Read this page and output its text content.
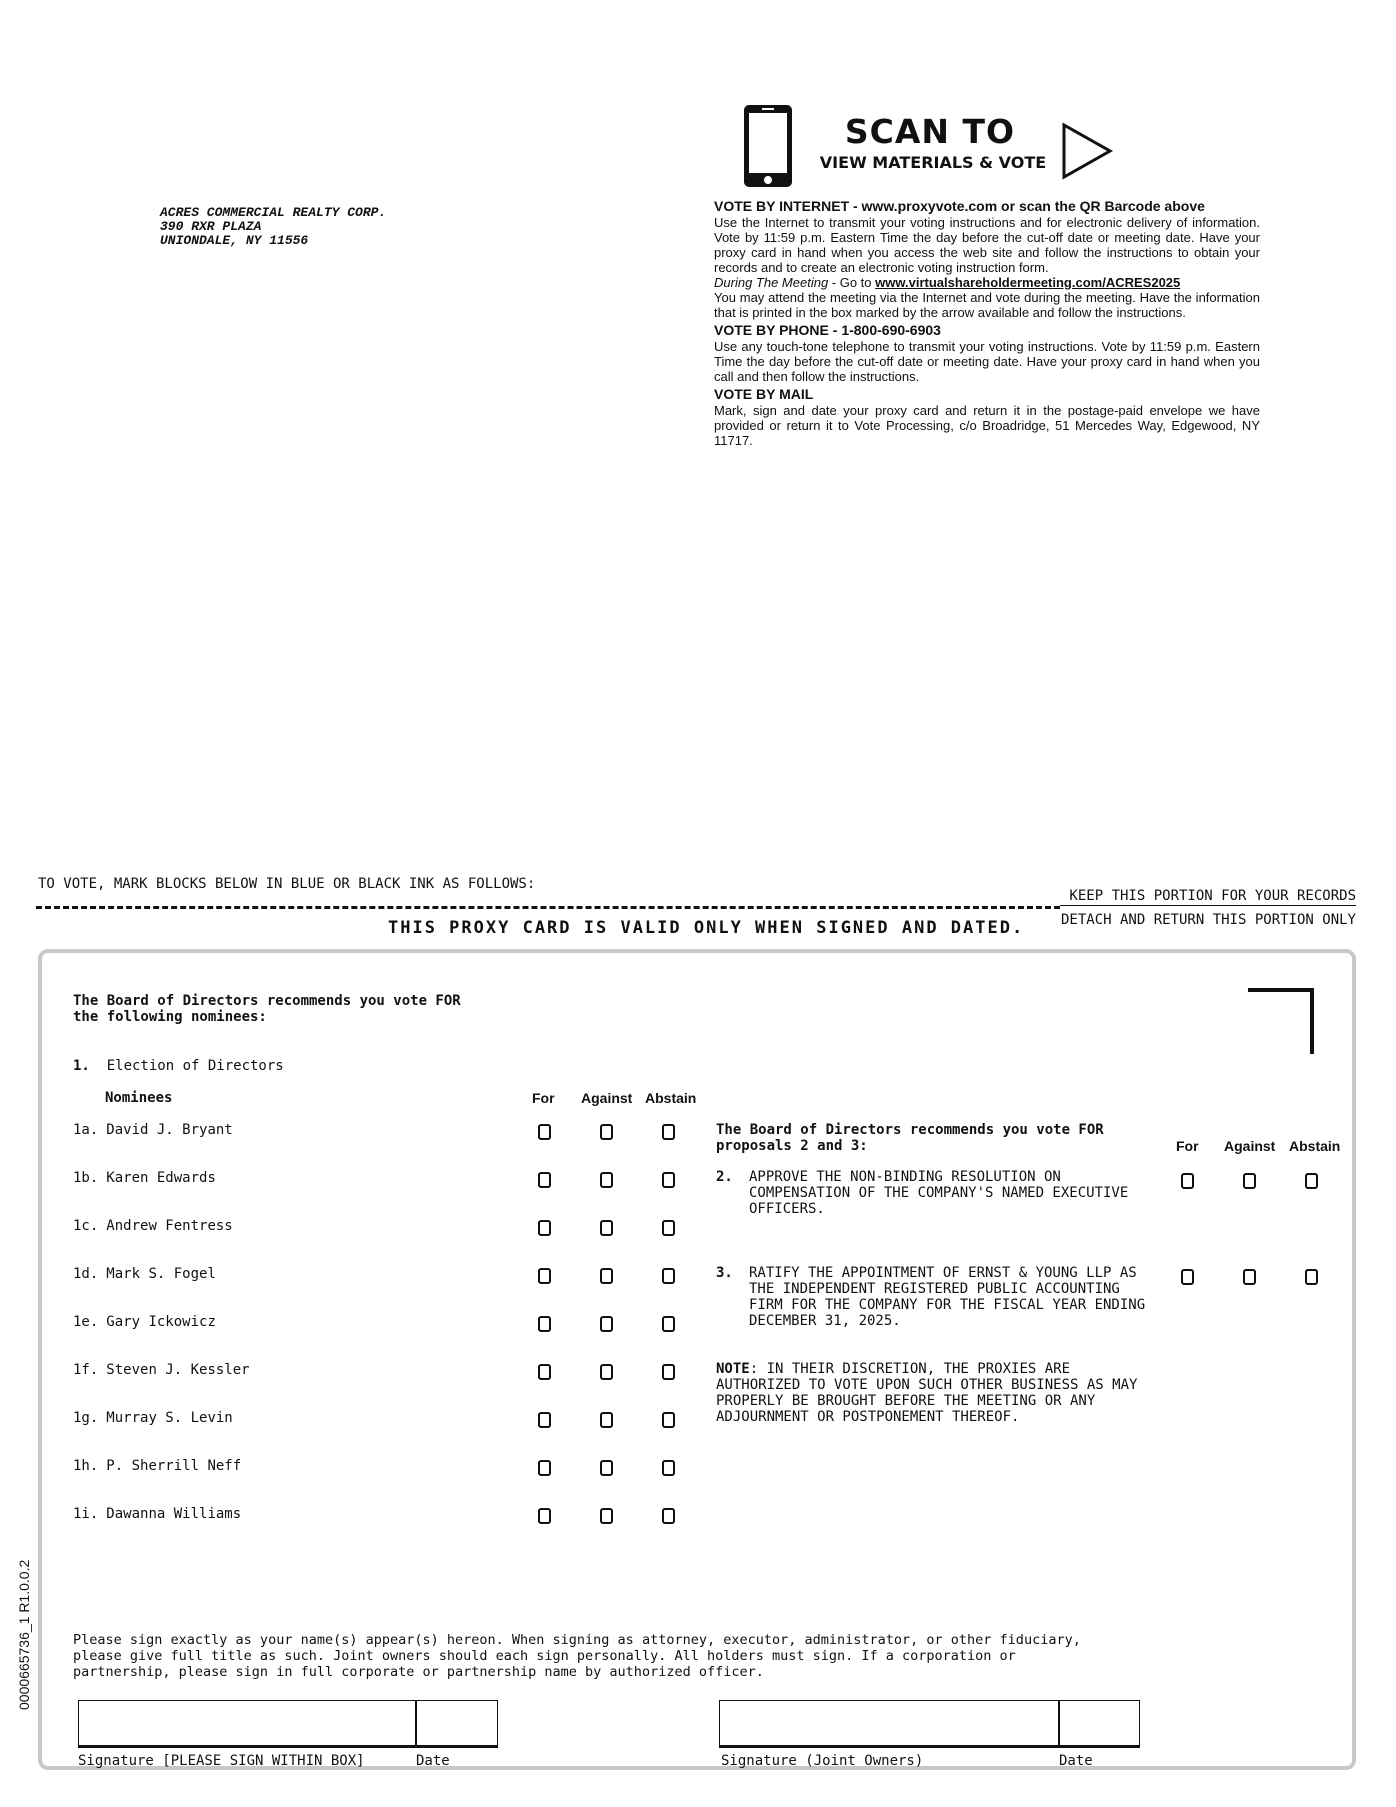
ACRES COMMERCIAL REALTY CORP.
390 RXR PLAZA
UNIONDALE, NY 11556
SCAN TO
VIEW MATERIALS & VOTE
VOTE BY INTERNET - www.proxyvote.com or scan the QR Barcode above

Use the Internet to transmit your voting instructions and for electronic delivery of information. Vote by 11:59 p.m. Eastern Time the day before the cut-off date or meeting date. Have your proxy card in hand when you access the web site and follow the instructions to obtain your records and to create an electronic voting instruction form.

During The Meeting - Go to www.virtualshareholdermeeting.com/ACRES2025

You may attend the meeting via the Internet and vote during the meeting. Have the information that is printed in the box marked by the arrow available and follow the instructions.

VOTE BY PHONE - 1-800-690-6903

Use any touch-tone telephone to transmit your voting instructions. Vote by 11:59 p.m. Eastern Time the day before the cut-off date or meeting date. Have your proxy card in hand when you call and then follow the instructions.

VOTE BY MAIL

Mark, sign and date your proxy card and return it in the postage-paid envelope we have provided or return it to Vote Processing, c/o Broadridge, 51 Mercedes Way, Edgewood, NY 11717.

TO VOTE, MARK BLOCKS BELOW IN BLUE OR BLACK INK AS FOLLOWS:
KEEP THIS PORTION FOR YOUR RECORDS
DETACH AND RETURN THIS PORTION ONLY
THIS PROXY CARD IS VALID ONLY WHEN SIGNED AND DATED.
The Board of Directors recommends you vote FOR
the following nominees:
1. Election of Directors
Nominees	For Against Abstain
1a. David J. Bryant
1b. Karen Edwards
1c. Andrew Fentress
1d. Mark S. Fogel
1e. Gary Ickowicz
1f. Steven J. Kessler
1g. Murray S. Levin
1h. P. Sherrill Neff
1i. Dawanna Williams
The Board of Directors recommends you vote FOR
proposals 2 and 3:	For Against Abstain
2. APPROVE THE NON-BINDING RESOLUTION ON
COMPENSATION OF THE COMPANY'S NAMED EXECUTIVE
OFFICERS.
3. RATIFY THE APPOINTMENT OF ERNST & YOUNG LLP AS
THE INDEPENDENT REGISTERED PUBLIC ACCOUNTING
FIRM FOR THE COMPANY FOR THE FISCAL YEAR ENDING
DECEMBER 31, 2025.
NOTE: IN THEIR DISCRETION, THE PROXIES ARE
AUTHORIZED TO VOTE UPON SUCH OTHER BUSINESS AS MAY
PROPERLY BE BROUGHT BEFORE THE MEETING OR ANY
ADJOURNMENT OR POSTPONEMENT THEREOF.
Please sign exactly as your name(s) appear(s) hereon. When signing as attorney, executor, administrator, or other fiduciary,
please give full title as such. Joint owners should each sign personally. All holders must sign. If a corporation or
partnership, please sign in full corporate or partnership name by authorized officer.
Signature [PLEASE SIGN WITHIN BOX]	Date	Signature (Joint Owners)	Date
0000665736_1 R1.0.0.2
